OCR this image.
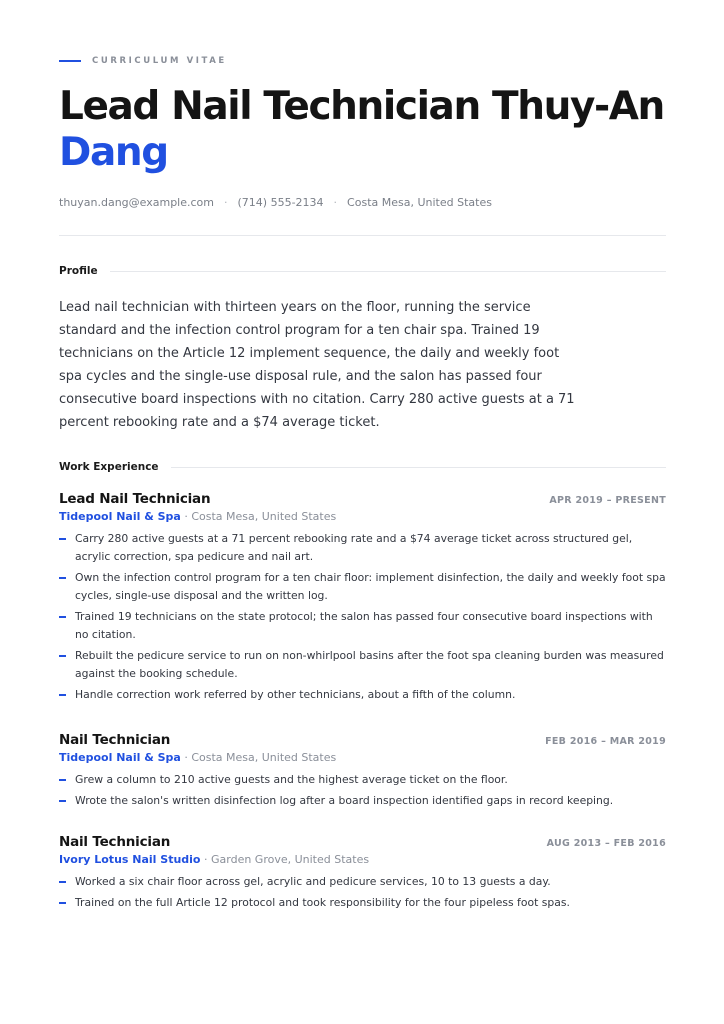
CURRICULUM VITAE
Lead Nail Technician Thuy-An Dang
thuyan.dang@example.com · (714) 555-2134 · Costa Mesa, United States
Profile

Lead nail technician with thirteen years on the floor, running the service standard and the infection control program for a ten chair spa. Trained 19 technicians on the Article 12 implement sequence, the daily and weekly foot spa cycles and the single-use disposal rule, and the salon has passed four consecutive board inspections with no citation. Carry 280 active guests at a 71 percent rebooking rate and a $74 average ticket.

Work Experience
Lead Nail Technician	APR 2019 – PRESENT
Tidepool Nail & Spa · Costa Mesa, United States
Carry 280 active guests at a 71 percent rebooking rate and a $74 average ticket across structured gel, acrylic correction, spa pedicure and nail art.
Own the infection control program for a ten chair floor: implement disinfection, the daily and weekly foot spa cycles, single-use disposal and the written log.
Trained 19 technicians on the state protocol; the salon has passed four consecutive board inspections with no citation.
Rebuilt the pedicure service to run on non-whirlpool basins after the foot spa cleaning burden was measured against the booking schedule.
Handle correction work referred by other technicians, about a fifth of the column.
Nail Technician	FEB 2016 – MAR 2019
Tidepool Nail & Spa · Costa Mesa, United States
Grew a column to 210 active guests and the highest average ticket on the floor.
Wrote the salon's written disinfection log after a board inspection identified gaps in record keeping.
Nail Technician	AUG 2013 – FEB 2016
Ivory Lotus Nail Studio · Garden Grove, United States
Worked a six chair floor across gel, acrylic and pedicure services, 10 to 13 guests a day.
Trained on the full Article 12 protocol and took responsibility for the four pipeless foot spas.
